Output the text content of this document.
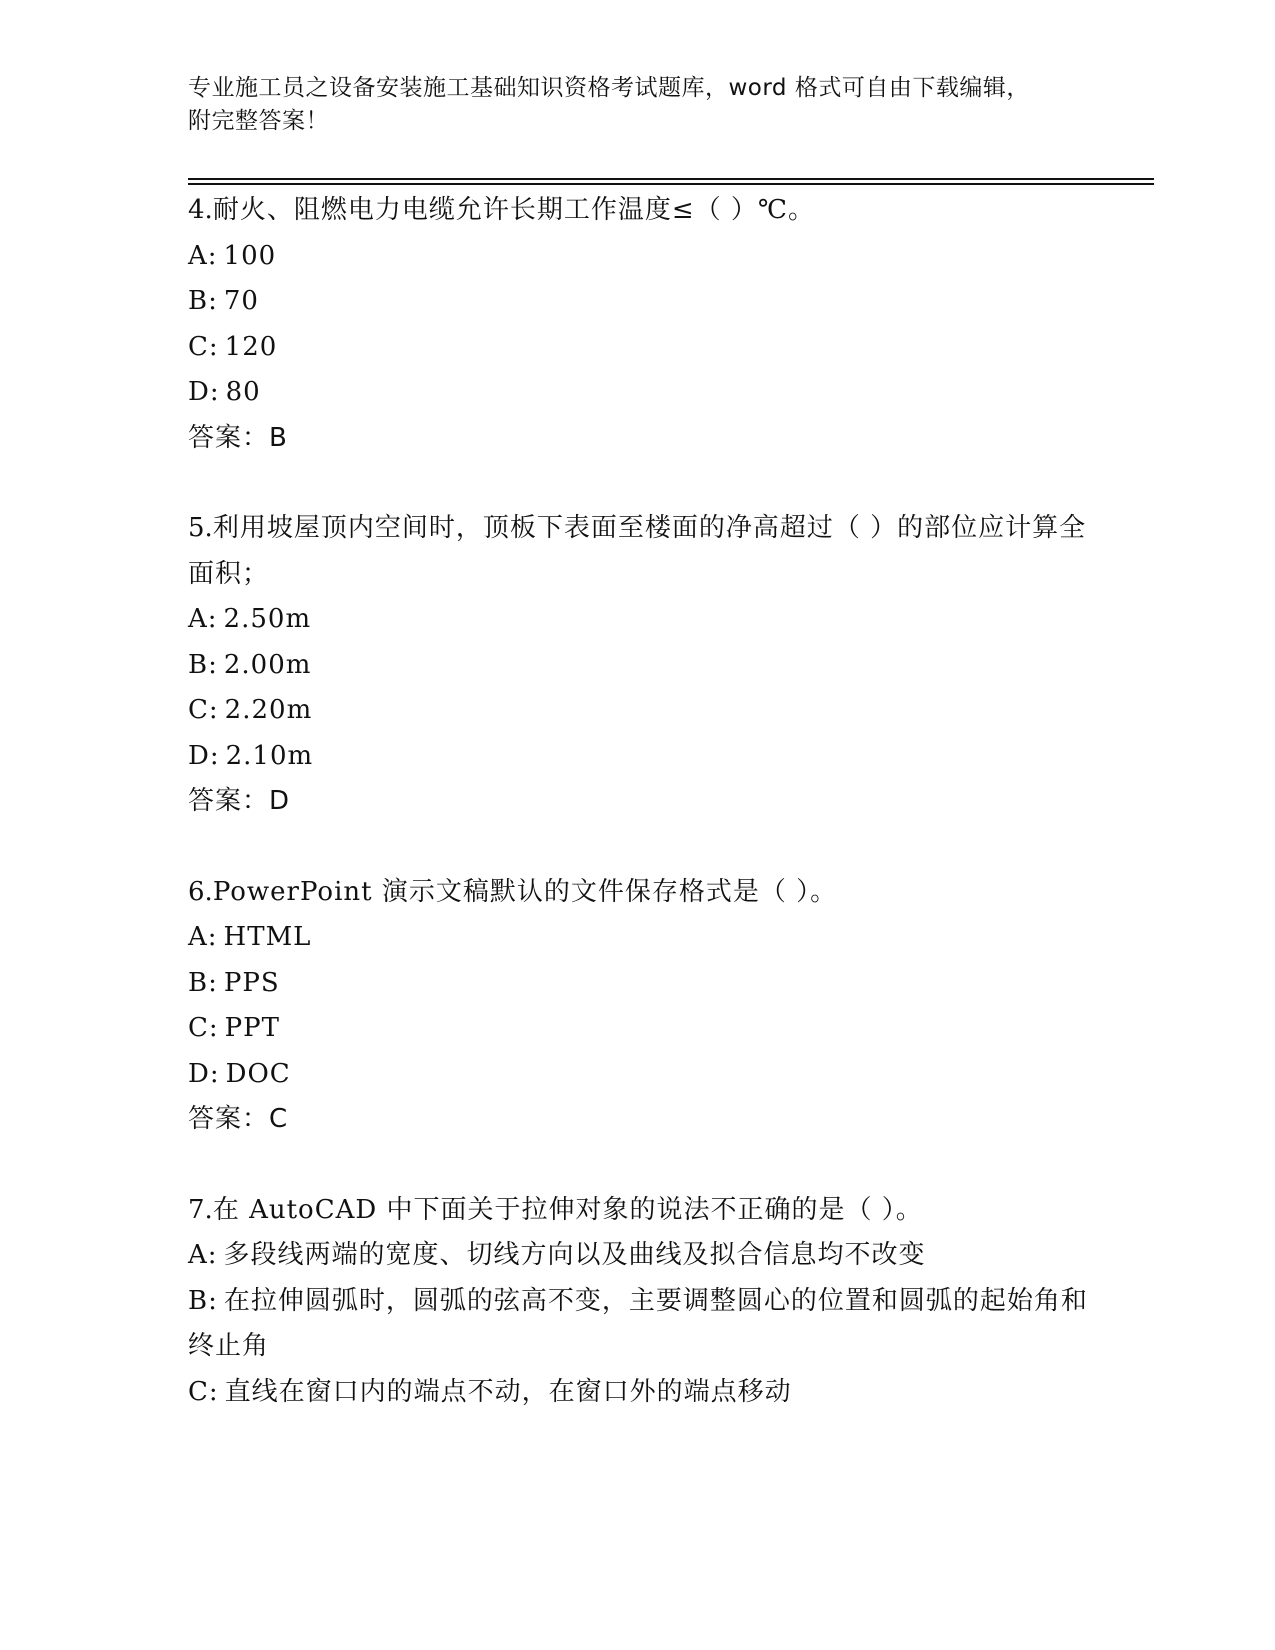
专业施工员之设备安装施工基础知识资格考试题库，word 格式可自由下载编辑，
附完整答案！
4.耐火、阻燃电力电缆允许长期工作温度≤（ ）℃。
A: 100
B: 70
C: 120
D: 80
答案：B
5.利用坡屋顶内空间时，顶板下表面至楼面的净高超过（ ）的部位应计算全面积；
A: 2.50m
B: 2.00m
C: 2.20m
D: 2.10m
答案：D
6.PowerPoint 演示文稿默认的文件保存格式是（ ）。
A: HTML
B: PPS
C: PPT
D: DOC
答案：C
7.在 AutoCAD 中下面关于拉伸对象的说法不正确的是（ ）。
A: 多段线两端的宽度、切线方向以及曲线及拟合信息均不改变
B: 在拉伸圆弧时，圆弧的弦高不变，主要调整圆心的位置和圆弧的起始角和终止角
C: 直线在窗口内的端点不动，在窗口外的端点移动
